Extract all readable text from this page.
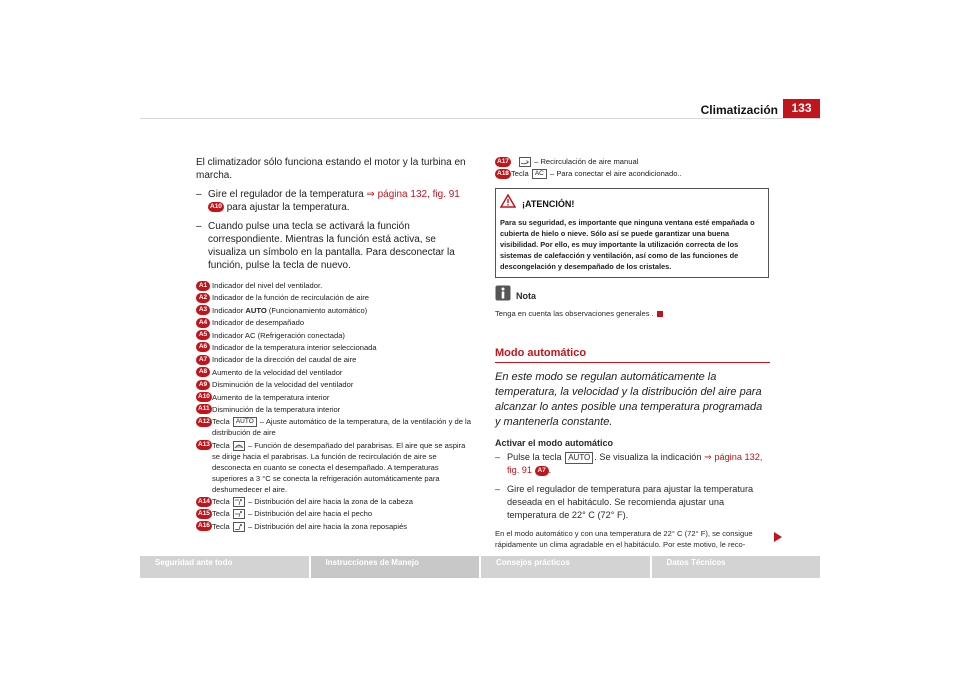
Climatización	133

El climatizador sólo funciona estando el motor y la turbina en marcha.

– Gire el regulador de la temperatura ⇒ página 132, fig. 91 A10 para ajustar la temperatura.
– Cuando pulse una tecla se activará la función correspondiente. Mientras la función está activa, se visualiza un símbolo en la pantalla. Para desconectar la función, pulse la tecla de nuevo.
A1 Indicador del nivel del ventilador.
A2 Indicador de la función de recirculación de aire
A3 Indicador AUTO (Funcionamiento automático)
A4 Indicador de desempañado
A5 Indicador AC (Refrigeración conectada)
A6 Indicador de la temperatura interior seleccionada
A7 Indicador de la dirección del caudal de aire
A8 Aumento de la velocidad del ventilador
A9 Disminución de la velocidad del ventilador
A10 Aumento de la temperatura interior
A11 Disminución de la temperatura interior
A12 Tecla AUTO – Ajuste automático de la temperatura, de la ventilación y de la distribución de aire
A13 Tecla
– Función de desempañado del parabrisas. El aire que se aspira se dirige hacia el parabrisas. La función de recirculación de aire se desconecta en cuanto se conecta el desempañado. A temperaturas superiores a 3 °C se conecta la refrigeración automáticamente para deshumedecer el aire.
A14 Tecla
– Distribución del aire hacia la zona de la cabeza
A15 Tecla
– Distribución del aire hacia el pecho
A16 Tecla
– Distribución del aire hacia la zona reposapiés
A17	– Recirculación de aire manual
A18 Tecla AC – Para conectar el aire acondicionado..
¡ATENCIÓN!
Para su seguridad, es importante que ninguna ventana esté empañada o cubierta de hielo o nieve. Sólo así se puede garantizar una buena visibilidad. Por ello, es muy importante la utilización correcta de los sistemas de calefacción y ventilación, así como de las funciones de descongelación y desempañado de los cristales.
Nota
Tenga en cuenta las observaciones generales .
Modo automático
En este modo se regulan automáticamente la temperatura, la velocidad y la distribución del aire para alcanzar lo antes posible una temperatura programada y mantenerla constante.
Activar el modo automático
– Pulse la tecla AUTO . Se visualiza la indicación ⇒ página 132, fig. 91 A7 .
– Gire el regulador de temperatura para ajustar la temperatura deseada en el habitáculo. Se recomienda ajustar una temperatura de 22° C (72° F).
En el modo automático y con una temperatura de 22° C (72° F), se consigue rápidamente un clima agradable en el habitáculo. Por este motivo, le reco-
Seguridad ante todo	Instrucciones de Manejo	Consejos prácticos	Datos Técnicos
